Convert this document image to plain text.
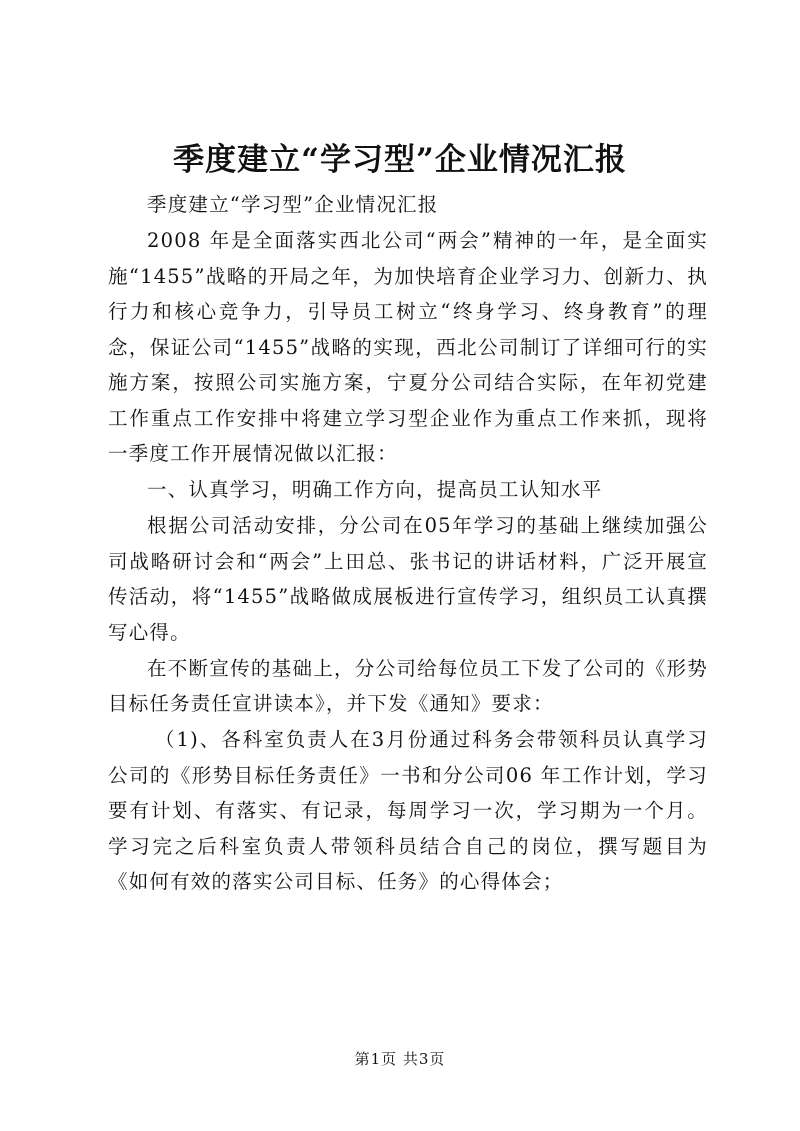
季度建立“学习型”企业情况汇报

季度建立“学习型”企业情况汇报

2008 年是全面落实西北公司“两会”精神的一年，是全面实施“1455”战略的开局之年，为加快培育企业学习力、创新力、执行力和核心竞争力，引导员工树立“终身学习、终身教育”的理念，保证公司“1455”战略的实现，西北公司制订了详细可行的实施方案，按照公司实施方案，宁夏分公司结合实际，在年初党建工作重点工作安排中将建立学习型企业作为重点工作来抓，现将一季度工作开展情况做以汇报：

一、认真学习，明确工作方向，提高员工认知水平

根据公司活动安排，分公司在05年学习的基础上继续加强公司战略研讨会和“两会”上田总、张书记的讲话材料，广泛开展宣传活动，将“1455”战略做成展板进行宣传学习，组织员工认真撰写心得。

在不断宣传的基础上，分公司给每位员工下发了公司的《形势目标任务责任宣讲读本》，并下发《通知》要求：

（1)、各科室负责人在3月份通过科务会带领科员认真学习公司的《形势目标任务责任》一书和分公司06 年工作计划，学习要有计划、有落实、有记录，每周学习一次，学习期为一个月。学习完之后科室负责人带领科员结合自己的岗位，撰写题目为《如何有效的落实公司目标、任务》的心得体会；

第1页 共3页
